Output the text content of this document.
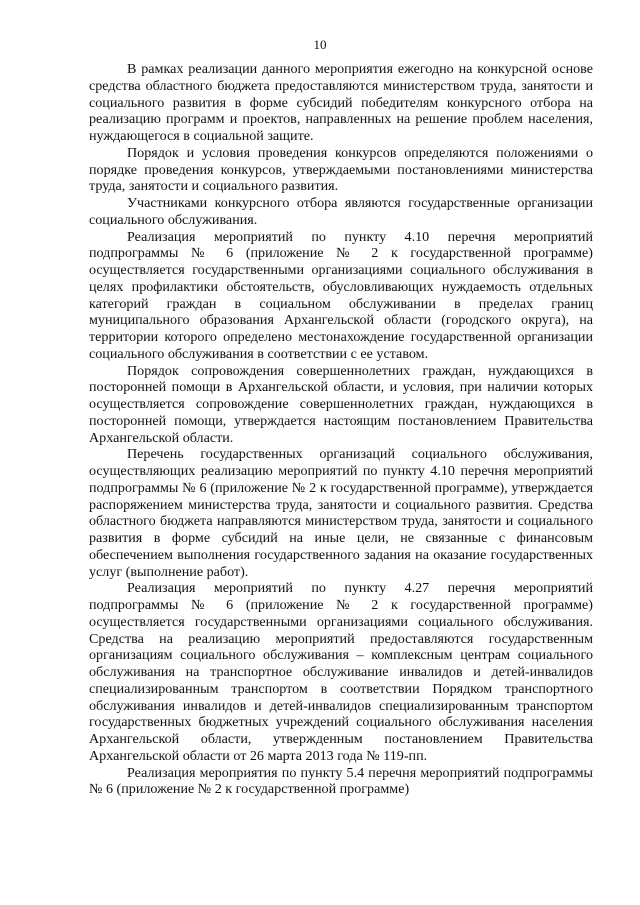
10

В рамках реализации данного мероприятия ежегодно на конкурсной основе средства областного бюджета предоставляются министерством труда, занятости и социального развития в форме субсидий победителям конкурсного отбора на реализацию программ и проектов, направленных на решение проблем населения, нуждающегося в социальной защите.

Порядок и условия проведения конкурсов определяются положениями о порядке проведения конкурсов, утверждаемыми постановлениями министерства труда, занятости и социального развития.

Участниками конкурсного отбора являются государственные организации социального обслуживания.

Реализация мероприятий по пункту 4.10 перечня мероприятий подпрограммы № 6 (приложение № 2 к государственной программе) осуществляется государственными организациями социального обслуживания в целях профилактики обстоятельств, обусловливающих нуждаемость отдельных категорий граждан в социальном обслуживании в пределах границ муниципального образования Архангельской области (городского округа), на территории которого определено местонахождение государственной организации социального обслуживания в соответствии с ее уставом.

Порядок сопровождения совершеннолетних граждан, нуждающихся в посторонней помощи в Архангельской области, и условия, при наличии которых осуществляется сопровождение совершеннолетних граждан, нуждающихся в посторонней помощи, утверждается настоящим постановлением Правительства Архангельской области.

Перечень государственных организаций социального обслуживания, осуществляющих реализацию мероприятий по пункту 4.10 перечня мероприятий подпрограммы № 6 (приложение № 2 к государственной программе), утверждается распоряжением министерства труда, занятости и социального развития. Средства областного бюджета направляются министерством труда, занятости и социального развития в форме субсидий на иные цели, не связанные с финансовым обеспечением выполнения государственного задания на оказание государственных услуг (выполнение работ).

Реализация мероприятий по пункту 4.27 перечня мероприятий подпрограммы № 6 (приложение № 2 к государственной программе) осуществляется государственными организациями социального обслуживания. Средства на реализацию мероприятий предоставляются государственным организациям социального обслуживания – комплексным центрам социального обслуживания на транспортное обслуживание инвалидов и детей-инвалидов специализированным транспортом в соответствии Порядком транспортного обслуживания инвалидов и детей-инвалидов специализированным транспортом государственных бюджетных учреждений социального обслуживания населения Архангельской области, утвержденным постановлением Правительства Архангельской области от 26 марта 2013 года № 119-пп.

Реализация мероприятия по пункту 5.4 перечня мероприятий подпрограммы № 6 (приложение № 2 к государственной программе)
